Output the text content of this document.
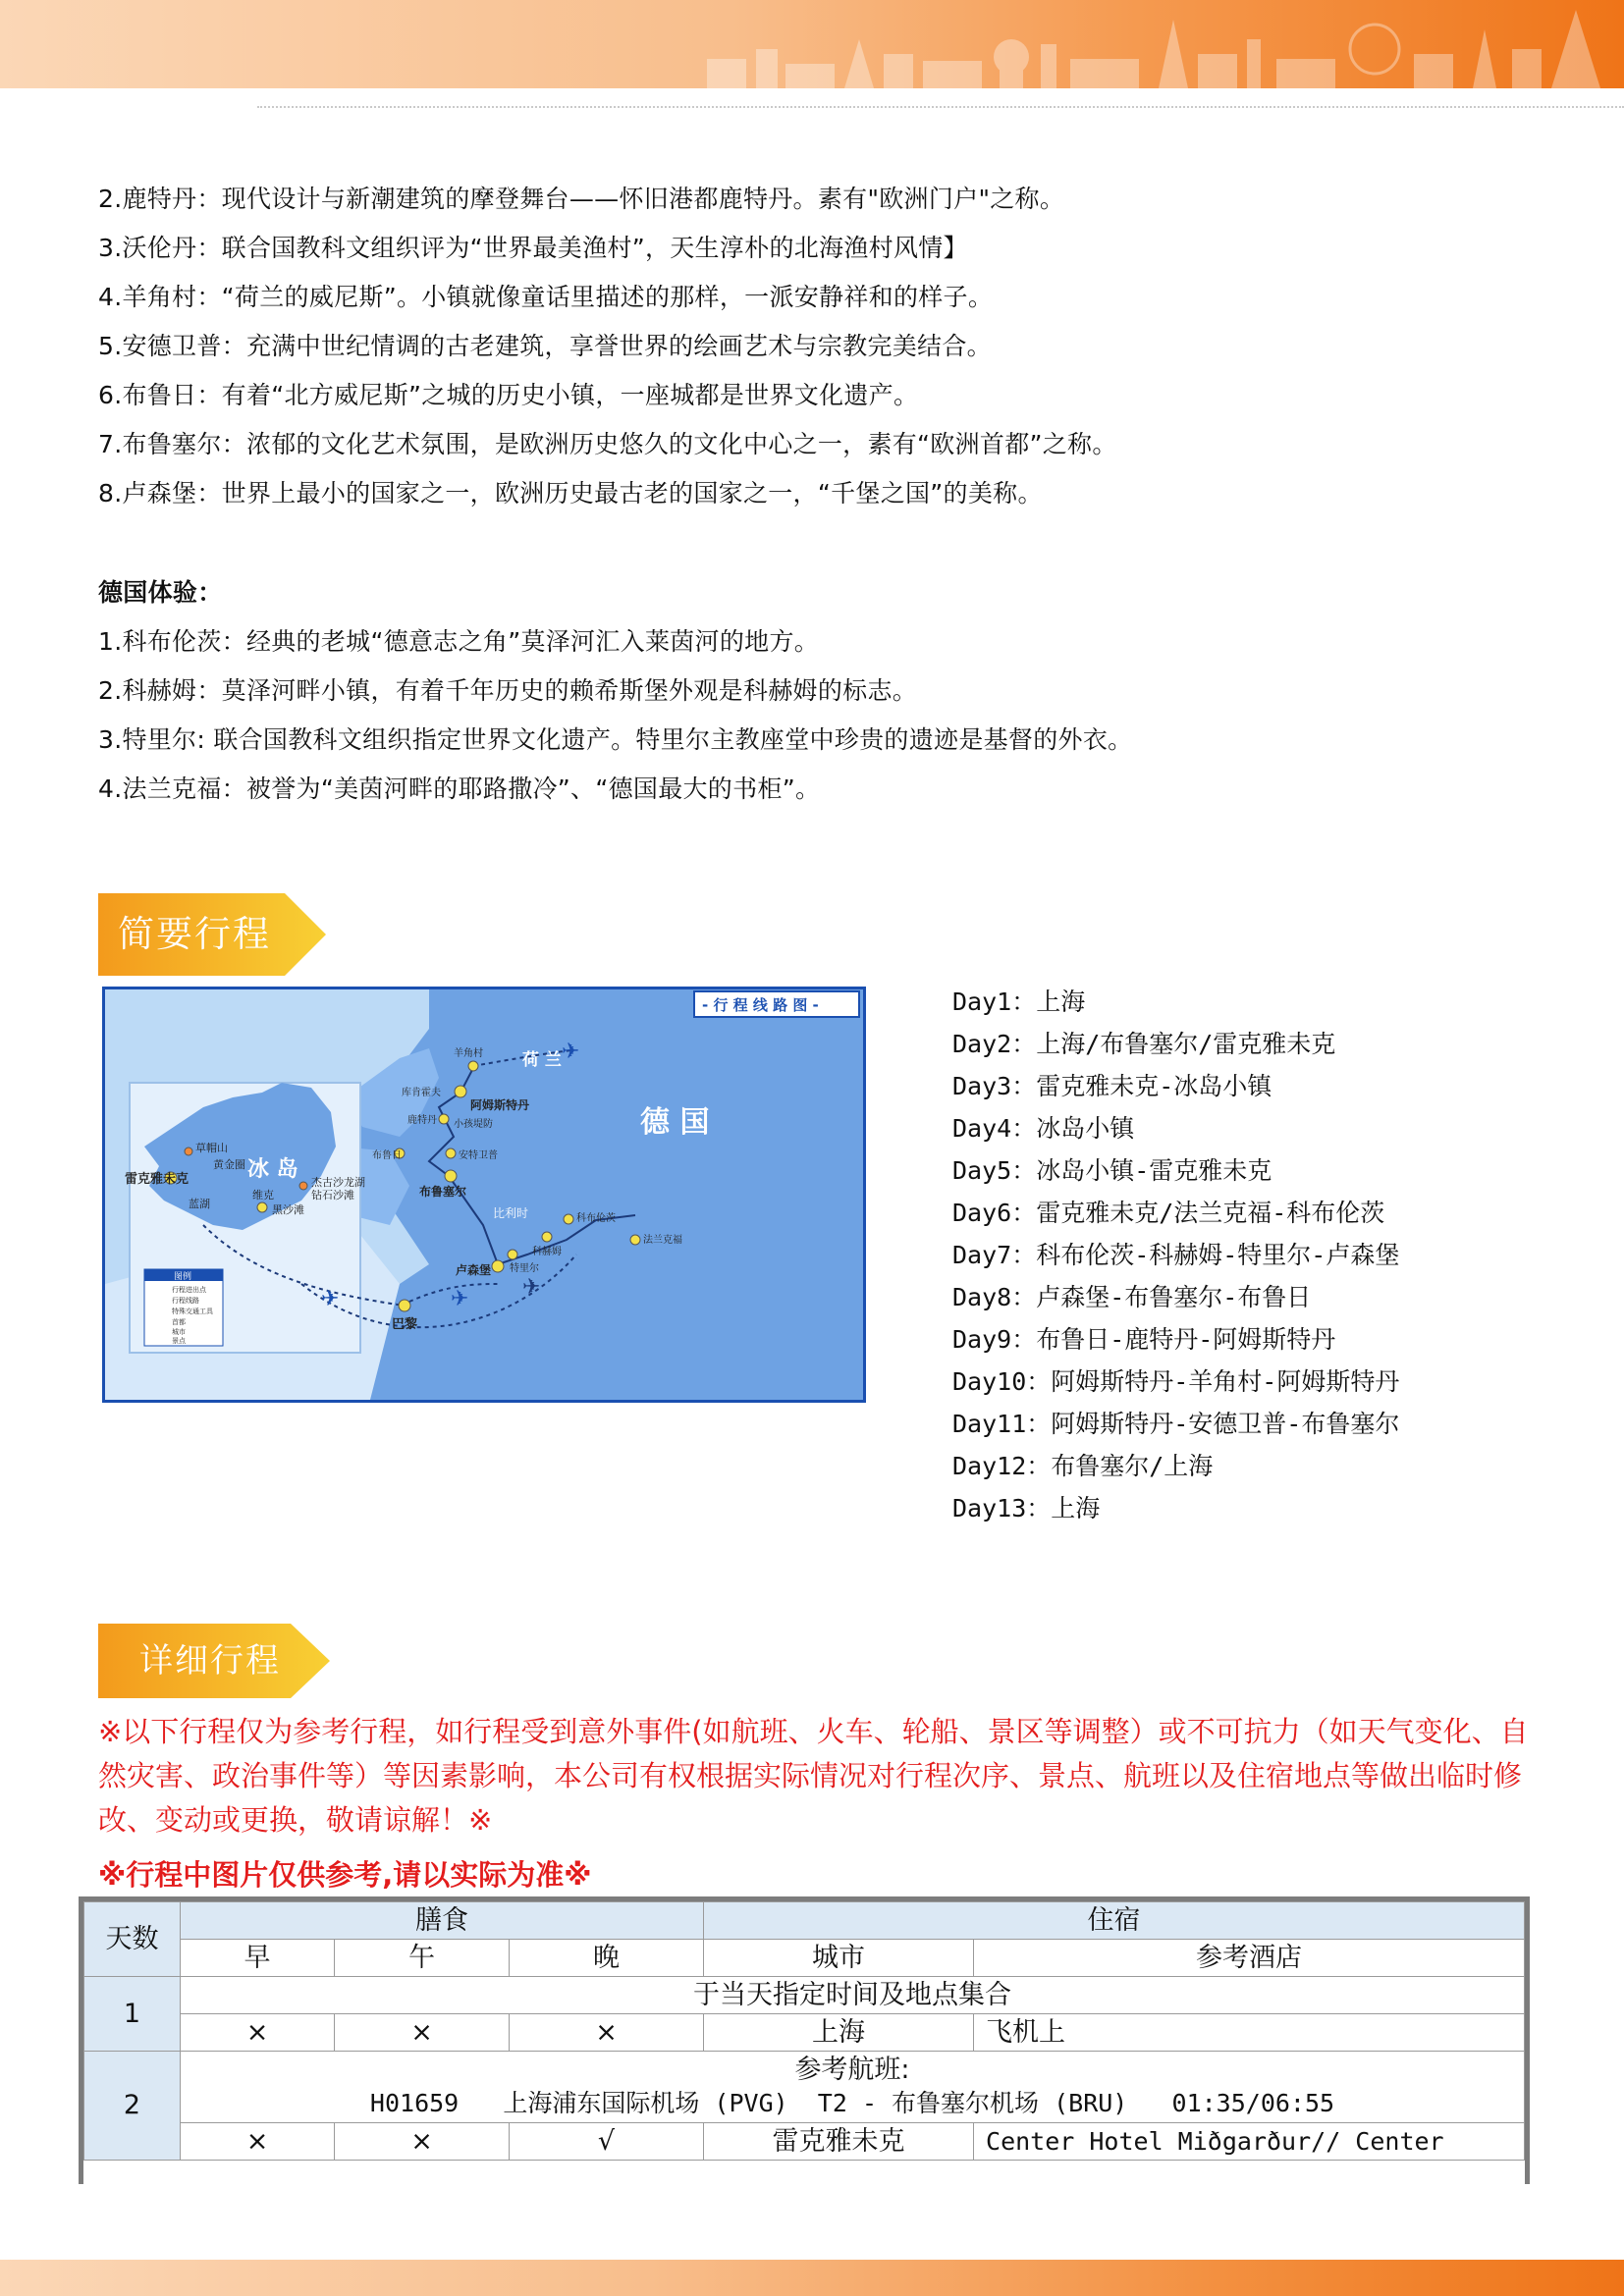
2.鹿特丹：现代设计与新潮建筑的摩登舞台——怀旧港都鹿特丹。素有"欧洲门户"之称。
3.沃伦丹：联合国教科文组织评为“世界最美渔村”，天生淳朴的北海渔村风情】
4.羊角村：“荷兰的威尼斯”。小镇就像童话里描述的那样，一派安静祥和的样子。
5.安德卫普：充满中世纪情调的古老建筑，享誉世界的绘画艺术与宗教完美结合。
6.布鲁日：有着“北方威尼斯”之城的历史小镇，一座城都是世界文化遗产。
7.布鲁塞尔：浓郁的文化艺术氛围，是欧洲历史悠久的文化中心之一，素有“欧洲首都”之称。
8.卢森堡：世界上最小的国家之一，欧洲历史最古老的国家之一，“千堡之国”的美称。
德国体验：
1.科布伦茨：经典的老城“德意志之角”莫泽河汇入莱茵河的地方。
2.科赫姆：莫泽河畔小镇，有着千年历史的赖希斯堡外观是科赫姆的标志。
3.特里尔: 联合国教科文组织指定世界文化遗产。特里尔主教座堂中珍贵的遗迹是基督的外衣。
4.法兰克福：被誉为“美茵河畔的耶路撒冷”、“德国最大的书柜”。
简要行程
冰 岛
德 国
荷 兰
比利时
- 行 程 线 路 图 -
✈
✈	✈ ✈
雷克雅未克
草帽山
黄金圈
蓝湖
维克
黑沙滩
杰古沙龙湖
钻石沙滩
图例
行程进出点
行程线路
特殊交通工具
首都
城市
景点
巴黎
羊角村
库肯霍夫
阿姆斯特丹
鹿特丹 小孩堤防
布鲁日	安特卫普
布鲁塞尔
卢森堡 特里尔
科赫姆
科布伦茨
法兰克福
Day1：上海
Day2：上海/布鲁塞尔/雷克雅未克
Day3：雷克雅未克-冰岛小镇
Day4：冰岛小镇
Day5：冰岛小镇-雷克雅未克
Day6：雷克雅未克/法兰克福-科布伦茨
Day7：科布伦茨-科赫姆-特里尔-卢森堡
Day8：卢森堡-布鲁塞尔-布鲁日
Day9：布鲁日-鹿特丹-阿姆斯特丹
Day10：阿姆斯特丹-羊角村-阿姆斯特丹
Day11：阿姆斯特丹-安德卫普-布鲁塞尔
Day12：布鲁塞尔/上海
Day13：上海
详细行程
※以下行程仅为参考行程，如行程受到意外事件(如航班、火车、轮船、景区等调整）或不可抗力（如天气变化、自然灾害、政治事件等）等因素影响，本公司有权根据实际情况对行程次序、景点、航班以及住宿地点等做出临时修改、变动或更换，敬请谅解！※
※行程中图片仅供参考,请以实际为准※
天数	膳食			住宿	
	早	午	晚	城市	参考酒店
1	于当天指定时间及地点集合				
	×	×	×	上海	飞机上
2	参考航班:
H01659   上海浦东国际机场 (PVG)  T2 - 布鲁塞尔机场 (BRU)   01:35/06:55				

	×	×	√	雷克雅未克	Center Hotel Miðgarður// Center
